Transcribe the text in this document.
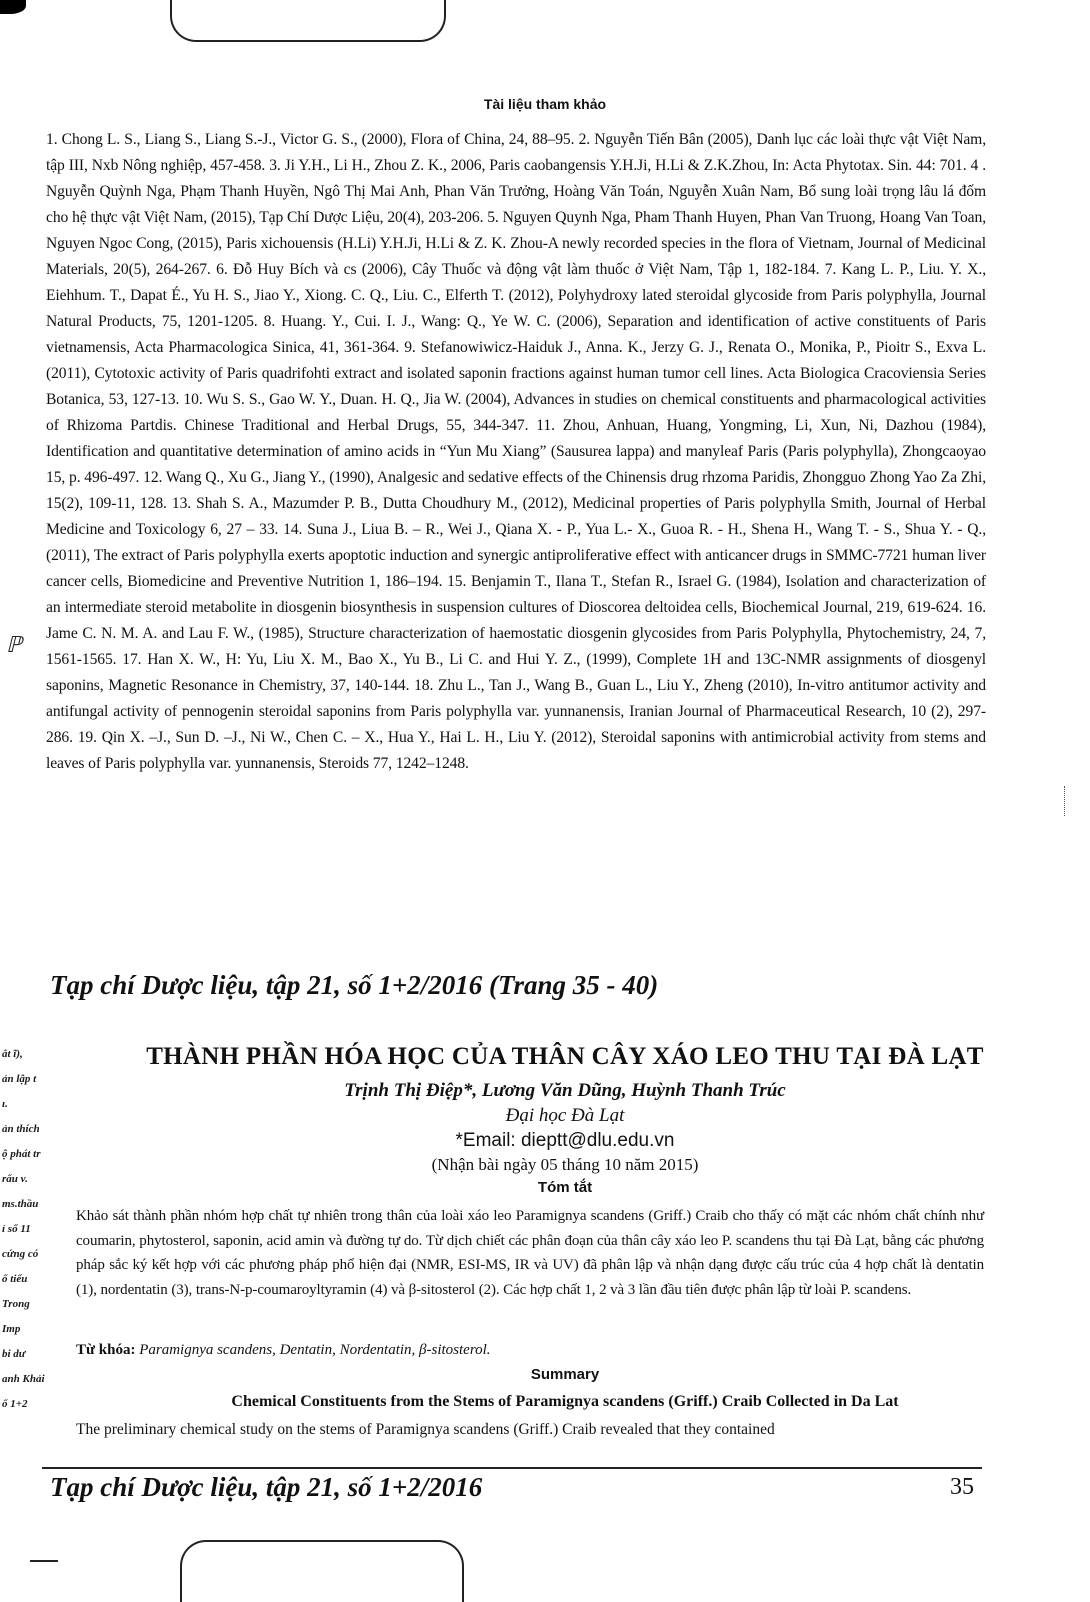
ℙ
ắt ĩ),
ản lập t
ı.
ản thích
ộ phát tr
rấu v.
ms.thầu
ỉ sổ 11
cứng có
ố tiểu
Trong
Imp
bi dư
anh Khải
ố 1+2
Tài liệu tham khảo

1. Chong L. S., Liang S., Liang S.-J., Victor G. S., (2000), Flora of China, 24, 88–95. 2. Nguyễn Tiến Bân (2005), Danh lục các loài thực vật Việt Nam, tập III, Nxb Nông nghiệp, 457-458. 3. Ji Y.H., Li H., Zhou Z. K., 2006, Paris caobangensis Y.H.Ji, H.Li & Z.K.Zhou, In: Acta Phytotax. Sin. 44: 701. 4 . Nguyễn Quỳnh Nga, Phạm Thanh Huyền, Ngô Thị Mai Anh, Phan Văn Trưởng, Hoàng Văn Toán, Nguyễn Xuân Nam, Bổ sung loài trọng lâu lá đốm cho hệ thực vật Việt Nam, (2015), Tạp Chí Dược Liệu, 20(4), 203-206. 5. Nguyen Quynh Nga, Pham Thanh Huyen, Phan Van Truong, Hoang Van Toan, Nguyen Ngoc Cong, (2015), Paris xichouensis (H.Li) Y.H.Ji, H.Li & Z. K. Zhou-A newly recorded species in the flora of Vietnam, Journal of Medicinal Materials, 20(5), 264-267. 6. Đỗ Huy Bích và cs (2006), Cây Thuốc và động vật làm thuốc ở Việt Nam, Tập 1, 182-184. 7. Kang L. P., Liu. Y. X., Eiehhum. T., Dapat É., Yu H. S., Jiao Y., Xiong. C. Q., Liu. C., Elferth T. (2012), Polyhydroxy lated steroidal glycoside from Paris polyphylla, Journal Natural Products, 75, 1201-1205. 8. Huang. Y., Cui. I. J., Wang: Q., Ye W. C. (2006), Separation and identification of active constituents of Paris vietnamensis, Acta Pharmacologica Sinica, 41, 361-364. 9. Stefanowiwicz-Haiduk J., Anna. K., Jerzy G. J., Renata O., Monika, P., Pioitr S., Exva L. (2011), Cytotoxic activity of Paris quadrifohti extract and isolated saponin fractions against human tumor cell lines. Acta Biologica Cracoviensia Series Botanica, 53, 127-13. 10. Wu S. S., Gao W. Y., Duan. H. Q., Jia W. (2004), Advances in studies on chemical constituents and pharmacological activities of Rhizoma Partdis. Chinese Traditional and Herbal Drugs, 55, 344-347. 11. Zhou, Anhuan, Huang, Yongming, Li, Xun, Ni, Dazhou (1984), Identification and quantitative determination of amino acids in “Yun Mu Xiang” (Sausurea lappa) and manyleaf Paris (Paris polyphylla), Zhongcaoyao 15, p. 496-497. 12. Wang Q., Xu G., Jiang Y., (1990), Analgesic and sedative effects of the Chinensis drug rhzoma Paridis, Zhongguo Zhong Yao Za Zhi, 15(2), 109-11, 128. 13. Shah S. A., Mazumder P. B., Dutta Choudhury M., (2012), Medicinal properties of Paris polyphylla Smith, Journal of Herbal Medicine and Toxicology 6, 27 – 33. 14. Suna J., Liua B. – R., Wei J., Qiana X. - P., Yua L.- X., Guoa R. - H., Shena H., Wang T. - S., Shua Y. - Q., (2011), The extract of Paris polyphylla exerts apoptotic induction and synergic antiproliferative effect with anticancer drugs in SMMC-7721 human liver cancer cells, Biomedicine and Preventive Nutrition 1, 186–194. 15. Benjamin T., Ilana T., Stefan R., Israel G. (1984), Isolation and characterization of an intermediate steroid metabolite in diosgenin biosynthesis in suspension cultures of Dioscorea deltoidea cells, Biochemical Journal, 219, 619-624. 16. Jame C. N. M. A. and Lau F. W., (1985), Structure characterization of haemostatic diosgenin glycosides from Paris Polyphylla, Phytochemistry, 24, 7, 1561-1565. 17. Han X. W., H: Yu, Liu X. M., Bao X., Yu B., Li C. and Hui Y. Z., (1999), Complete 1H and 13C-NMR assignments of diosgenyl saponins, Magnetic Resonance in Chemistry, 37, 140-144. 18. Zhu L., Tan J., Wang B., Guan L., Liu Y., Zheng (2010), In-vitro antitumor activity and antifungal activity of pennogenin steroidal saponins from Paris polyphylla var. yunnanensis, Iranian Journal of Pharmaceutical Research, 10 (2), 297-286. 19. Qin X. –J., Sun D. –J., Ni W., Chen C. – X., Hua Y., Hai L. H., Liu Y. (2012), Steroidal saponins with antimicrobial activity from stems and leaves of Paris polyphylla var. yunnanensis, Steroids 77, 1242–1248.

Tạp chí Dược liệu, tập 21, số 1+2/2016 (Trang 35 - 40)
THÀNH PHẦN HÓA HỌC CỦA THÂN CÂY XÁO LEO THU TẠI ĐÀ LẠT
Trịnh Thị Điệp*, Lương Văn Dũng, Huỳnh Thanh Trúc
Đại học Đà Lạt
*Email: dieptt@dlu.edu.vn
(Nhận bài ngày 05 tháng 10 năm 2015)
Tóm tắt

Khảo sát thành phần nhóm hợp chất tự nhiên trong thân của loài xáo leo Paramignya scandens (Griff.) Craib cho thấy có mặt các nhóm chất chính như coumarin, phytosterol, saponin, acid amin và đường tự do. Từ dịch chiết các phân đoạn của thân cây xáo leo P. scandens thu tại Đà Lạt, bằng các phương pháp sắc ký kết hợp với các phương pháp phổ hiện đại (NMR, ESI-MS, IR và UV) đã phân lập và nhận dạng được cấu trúc của 4 hợp chất là dentatin (1), nordentatin (3), trans-N-p-coumaroyltyramin (4) và β-sitosterol (2). Các hợp chất 1, 2 và 3 lần đầu tiên được phân lập từ loài P. scandens.

Từ khóa: Paramignya scandens, Dentatin, Nordentatin, β-sitosterol.
Summary
Chemical Constituents from the Stems of Paramignya scandens (Griff.) Craib Collected in Da Lat
The preliminary chemical study on the stems of Paramignya scandens (Griff.) Craib revealed that they contained
Tạp chí Dược liệu, tập 21, số 1+2/2016	35
